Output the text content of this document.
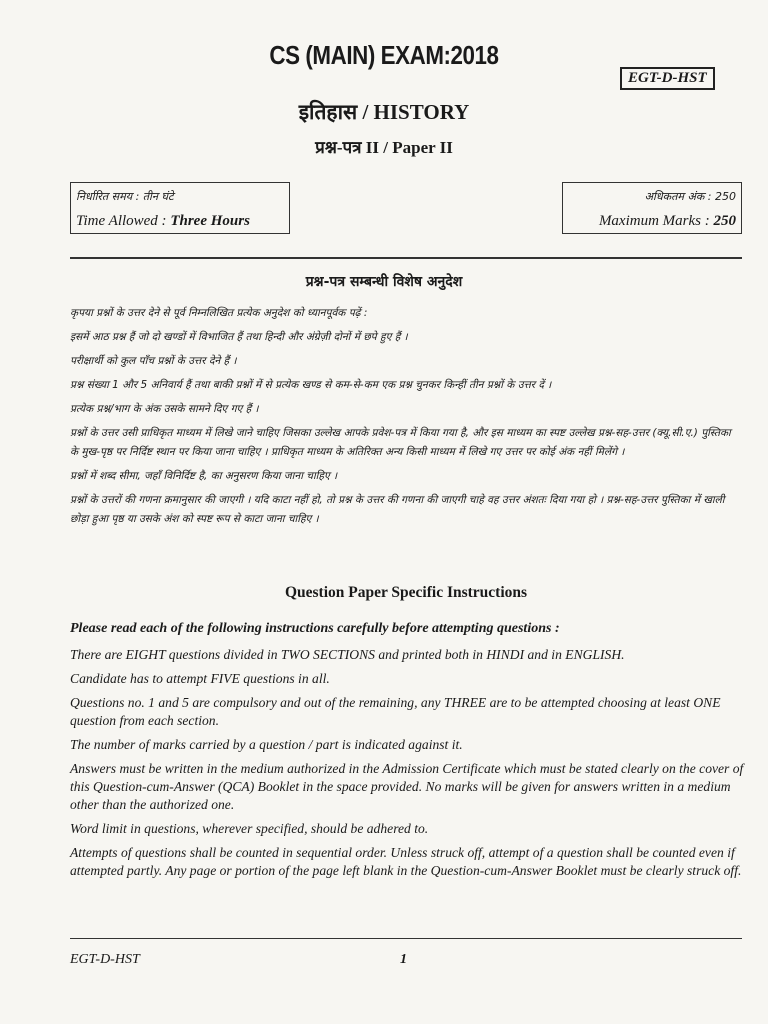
CS (MAIN) EXAM:2018
EGT-D-HST
इतिहास / HISTORY
प्रश्न-पत्र II / Paper II
निर्धारित समय : तीन घंटे
Time Allowed : Three Hours
अधिकतम अंक : 250
Maximum Marks : 250
प्रश्न-पत्र सम्बन्धी विशेष अनुदेश

कृपया प्रश्नों के उत्तर देने से पूर्व निम्नलिखित प्रत्येक अनुदेश को ध्यानपूर्वक पढ़ें :

इसमें आठ प्रश्न हैं जो दो खण्डों में विभाजित हैं तथा हिन्दी और अंग्रेज़ी दोनों में छपे हुए हैं ।

परीक्षार्थी को कुल पाँच प्रश्नों के उत्तर देने हैं ।

प्रश्न संख्या 1 और 5 अनिवार्य हैं तथा बाकी प्रश्नों में से प्रत्येक खण्ड से कम-से-कम एक प्रश्न चुनकर किन्हीं तीन प्रश्नों के उत्तर दें ।

प्रत्येक प्रश्न/भाग के अंक उसके सामने दिए गए हैं ।

प्रश्नों के उत्तर उसी प्राधिकृत माध्यम में लिखे जाने चाहिए जिसका उल्लेख आपके प्रवेश-पत्र में किया गया है, और इस माध्यम का स्पष्ट उल्लेख प्रश्न-सह-उत्तर (क्यू.सी.ए.) पुस्तिका के मुख-पृष्ठ पर निर्दिष्ट स्थान पर किया जाना चाहिए । प्राधिकृत माध्यम के अतिरिक्त अन्य किसी माध्यम में लिखे गए उत्तर पर कोई अंक नहीं मिलेंगे ।

प्रश्नों में शब्द सीमा, जहाँ विनिर्दिष्ट है, का अनुसरण किया जाना चाहिए ।

प्रश्नों के उत्तरों की गणना क्रमानुसार की जाएगी । यदि काटा नहीं हो, तो प्रश्न के उत्तर की गणना की जाएगी चाहे वह उत्तर अंशतः दिया गया हो । प्रश्न-सह-उत्तर पुस्तिका में खाली छोड़ा हुआ पृष्ठ या उसके अंश को स्पष्ट रूप से काटा जाना चाहिए ।

Question Paper Specific Instructions

Please read each of the following instructions carefully before attempting questions :

There are EIGHT questions divided in TWO SECTIONS and printed both in HINDI and in ENGLISH.

Candidate has to attempt FIVE questions in all.

Questions no. 1 and 5 are compulsory and out of the remaining, any THREE are to be attempted choosing at least ONE question from each section.

The number of marks carried by a question / part is indicated against it.

Answers must be written in the medium authorized in the Admission Certificate which must be stated clearly on the cover of this Question-cum-Answer (QCA) Booklet in the space provided. No marks will be given for answers written in a medium other than the authorized one.

Word limit in questions, wherever specified, should be adhered to.

Attempts of questions shall be counted in sequential order. Unless struck off, attempt of a question shall be counted even if attempted partly. Any page or portion of the page left blank in the Question-cum-Answer Booklet must be clearly struck off.

EGT-D-HST	1
